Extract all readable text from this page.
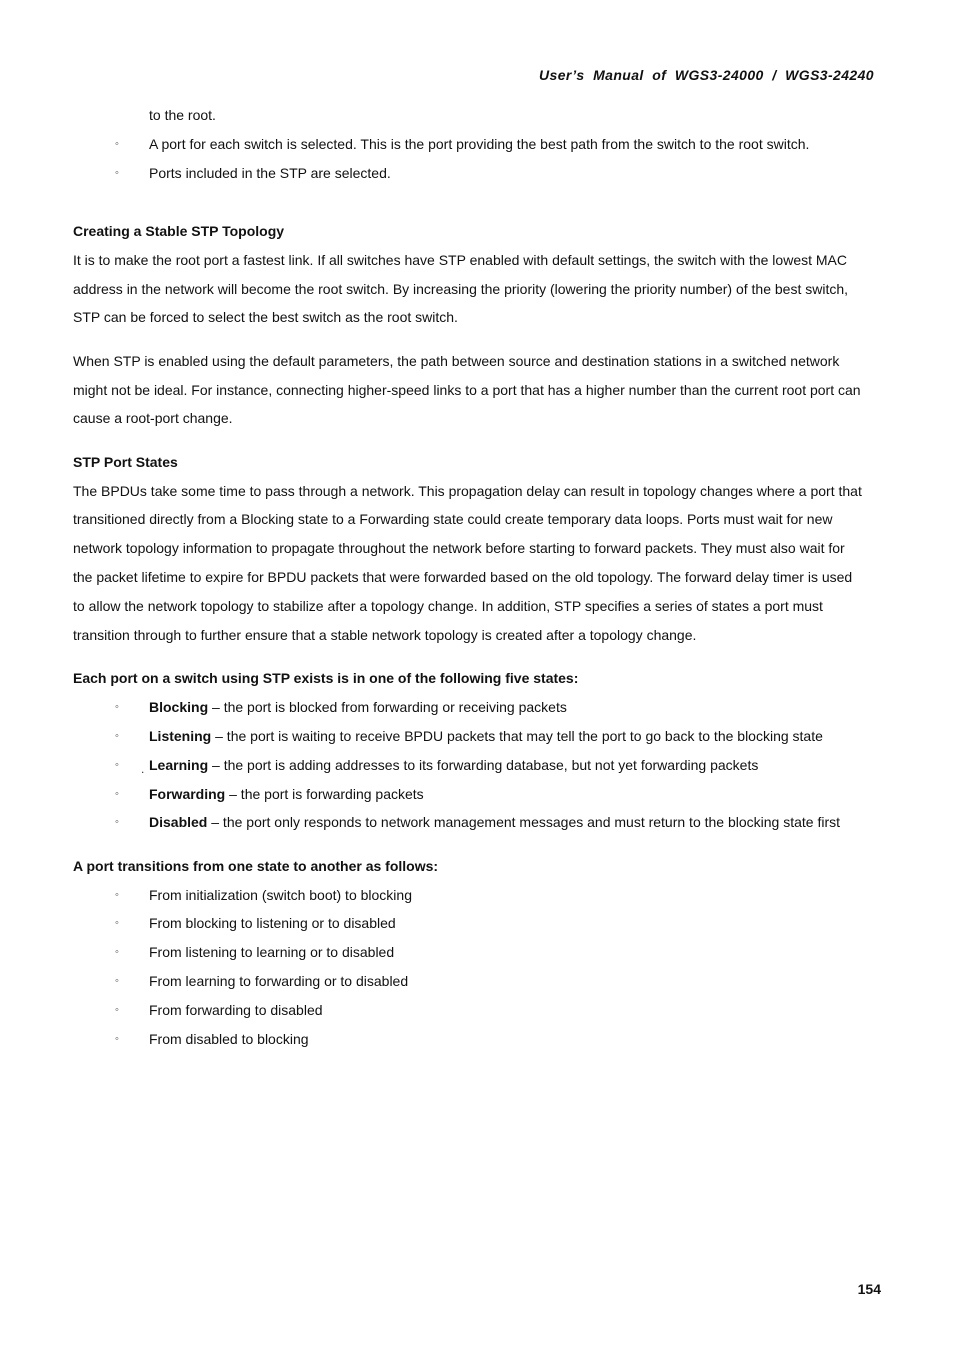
User’s  Manual  of  WGS3-24000  /  WGS3-24240
to the root.
◦ A port for each switch is selected. This is the port providing the best path from the switch to the root switch.
◦ Ports included in the STP are selected.
Creating a Stable STP Topology
It is to make the root port a fastest link. If all switches have STP enabled with default settings, the switch with the lowest MAC
address in the network will become the root switch. By increasing the priority (lowering the priority number) of the best switch,
STP can be forced to select the best switch as the root switch.
When STP is enabled using the default parameters, the path between source and destination stations in a switched network
might not be ideal. For instance, connecting higher-speed links to a port that has a higher number than the current root port can
cause a root-port change.
STP Port States
The BPDUs take some time to pass through a network. This propagation delay can result in topology changes where a port that
transitioned directly from a Blocking state to a Forwarding state could create temporary data loops. Ports must wait for new
network topology information to propagate throughout the network before starting to forward packets. They must also wait for
the packet lifetime to expire for BPDU packets that were forwarded based on the old topology. The forward delay timer is used
to allow the network topology to stabilize after a topology change. In addition, STP specifies a series of states a port must
transition through to further ensure that a stable network topology is created after a topology change.
Each port on a switch using STP exists is in one of the following five states:
◦ Blocking – the port is blocked from forwarding or receiving packets
◦ Listening – the port is waiting to receive BPDU packets that may tell the port to go back to the blocking state
◦ . Learning – the port is adding addresses to its forwarding database, but not yet forwarding packets
◦ Forwarding – the port is forwarding packets
◦ Disabled – the port only responds to network management messages and must return to the blocking state first
A port transitions from one state to another as follows:
◦ From initialization (switch boot) to blocking
◦ From blocking to listening or to disabled
◦ From listening to learning or to disabled
◦ From learning to forwarding or to disabled
◦ From forwarding to disabled
◦ From disabled to blocking
154
